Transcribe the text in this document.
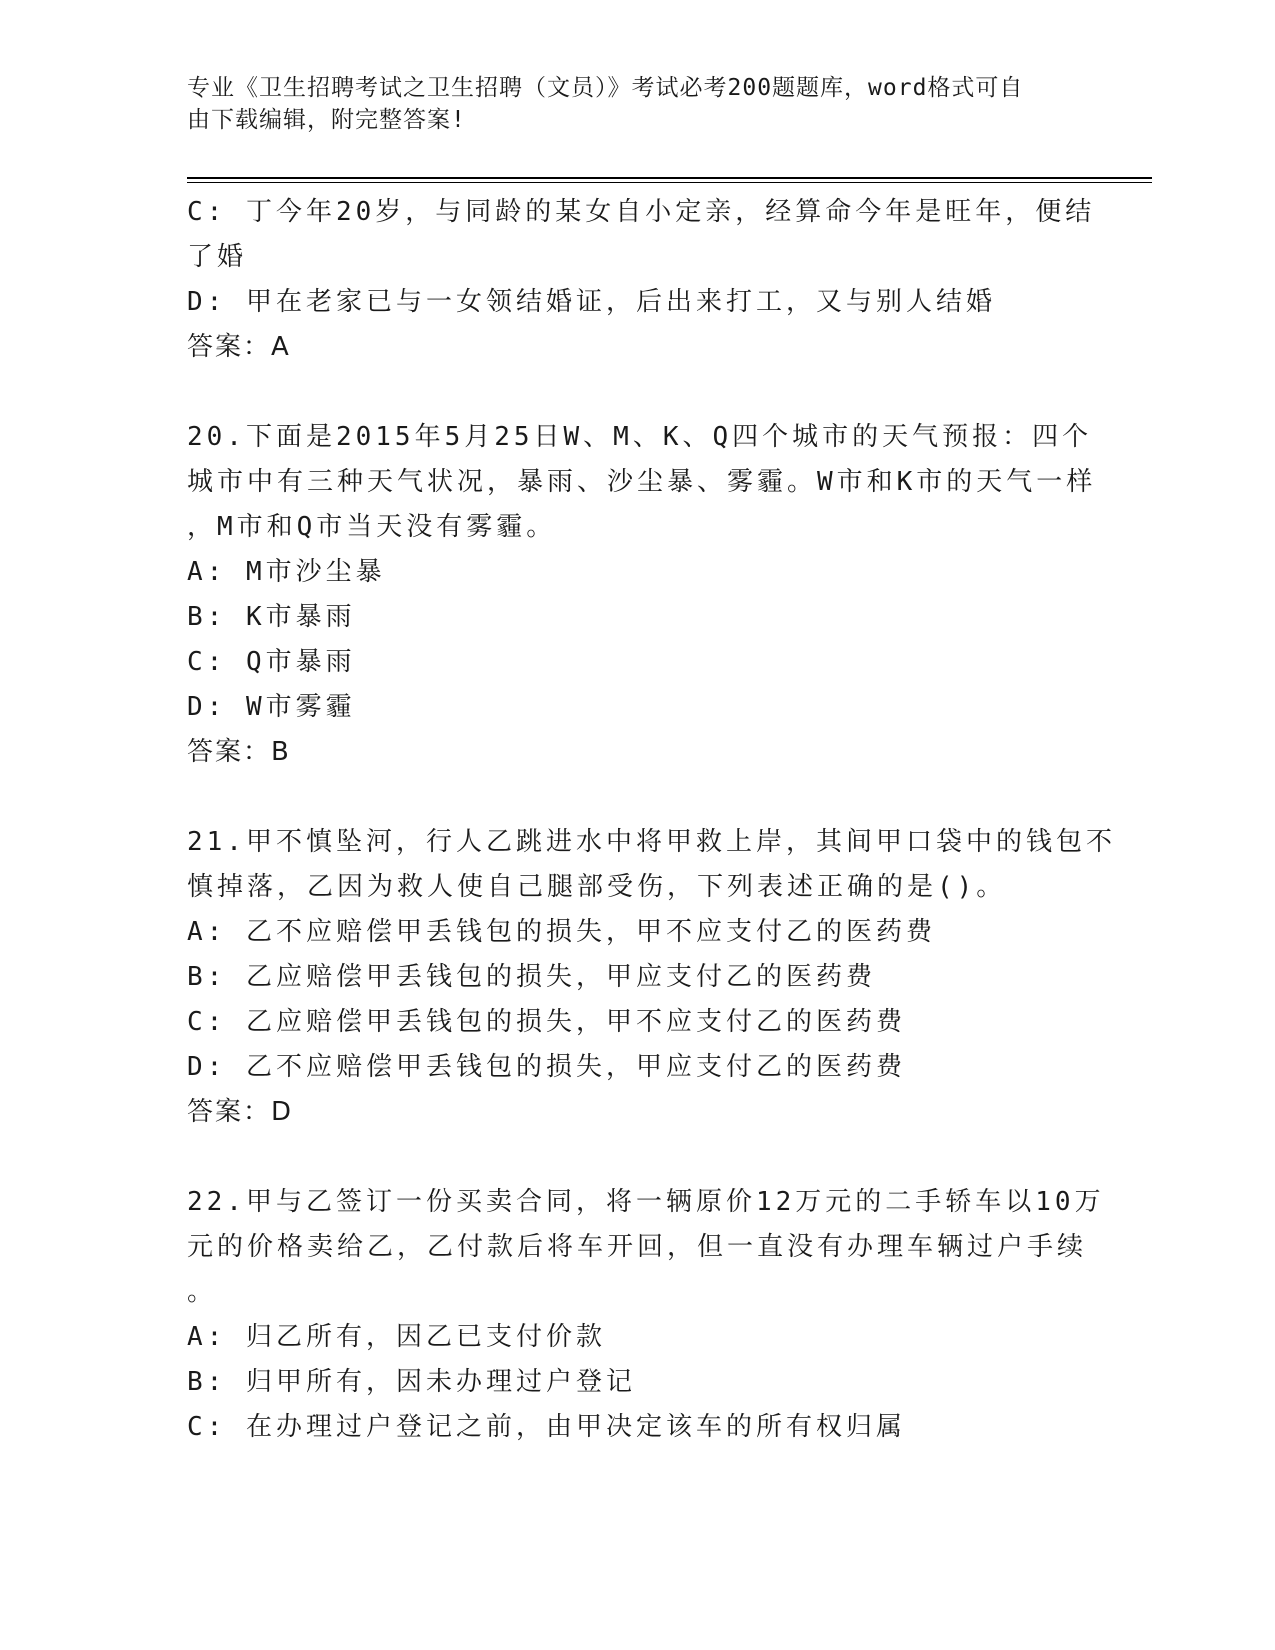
专业《卫生招聘考试之卫生招聘（文员）》考试必考200题题库，word格式可自
由下载编辑，附完整答案!

C: 丁今年20岁，与同龄的某女自小定亲，经算命今年是旺年，便结

了婚

D: 甲在老家已与一女领结婚证，后出来打工，又与别人结婚

答案：A

20.下面是2015年5月25日W、M、K、Q四个城市的天气预报：四个

城市中有三种天气状况，暴雨、沙尘暴、雾霾。W市和K市的天气一样

，M市和Q市当天没有雾霾。

A: M市沙尘暴

B: K市暴雨

C: Q市暴雨

D: W市雾霾

答案：B

21.甲不慎坠河，行人乙跳进水中将甲救上岸，其间甲口袋中的钱包不

慎掉落，乙因为救人使自己腿部受伤，下列表述正确的是()。

A: 乙不应赔偿甲丢钱包的损失，甲不应支付乙的医药费

B: 乙应赔偿甲丢钱包的损失，甲应支付乙的医药费

C: 乙应赔偿甲丢钱包的损失，甲不应支付乙的医药费

D: 乙不应赔偿甲丢钱包的损失，甲应支付乙的医药费

答案：D

22.甲与乙签订一份买卖合同，将一辆原价12万元的二手轿车以10万

元的价格卖给乙，乙付款后将车开回，但一直没有办理车辆过户手续

。

A: 归乙所有，因乙已支付价款

B: 归甲所有，因未办理过户登记

C: 在办理过户登记之前，由甲决定该车的所有权归属
